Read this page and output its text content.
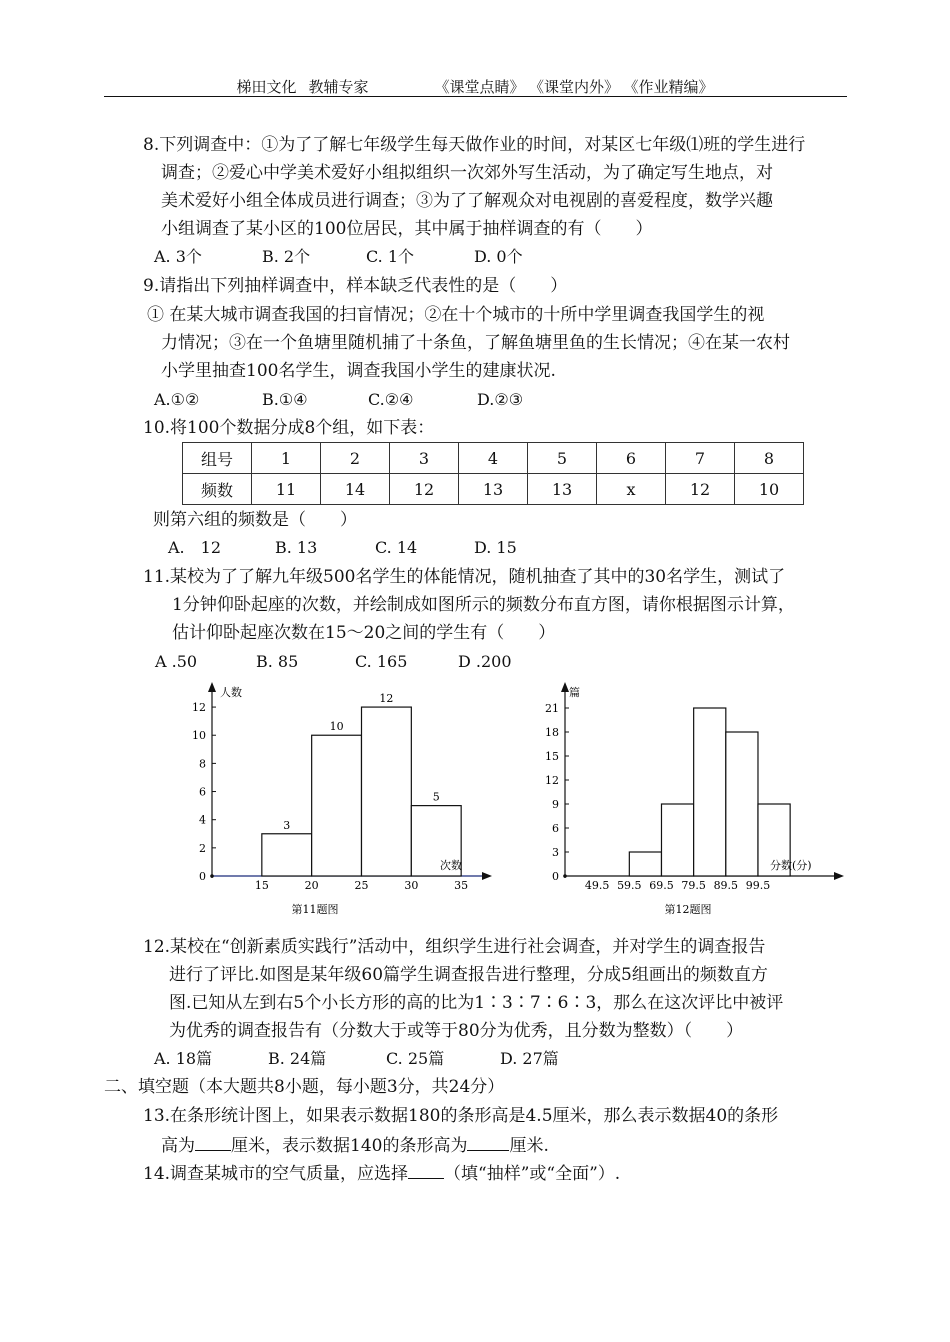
梯田文化 教辅专家	《课堂点睛》 《课堂内外》 《作业精编》
8.下列调查中：①为了了解七年级学生每天做作业的时间，对某区七年级⑴班的学生进行
调查；②爱心中学美术爱好小组拟组织一次郊外写生活动，为了确定写生地点，对
美术爱好小组全体成员进行调查；③为了了解观众对电视剧的喜爱程度，数学兴趣
小组调查了某小区的100位居民，其中属于抽样调查的有（　　）
A. 3个	B. 2个	C. 1个	D. 0个
9.请指出下列抽样调查中，样本缺乏代表性的是（　　）
① 在某大城市调查我国的扫盲情况；②在十个城市的十所中学里调查我国学生的视
力情况；③在一个鱼塘里随机捕了十条鱼，了解鱼塘里鱼的生长情况；④在某一农村
小学里抽查100名学生，调查我国小学生的建康状况.
A.①②	B.①④	C.②④	D.②③
10.将100个数据分成8个组，如下表：
组号	1	2	3	4	5	6	7	8
频数	11	14	12	13	13	x	12	10
则第六组的频数是（　　）
A.　12	B. 13	C. 14	D. 15
11.某校为了了解九年级500名学生的体能情况，随机抽查了其中的30名学生，测试了
1分钟仰卧起座的次数，并绘制成如图所示的频数分布直方图，请你根据图示计算，
估计仰卧起座次数在15～20之间的学生有（　　）
A .50	B. 85	C. 165	D .200
0
2
4
6
8
10
12
15	20	25	30	35
3
10
12
5
人数
次数
第11题图
0
3
6
9
12
15
18
21
49.5 59.5 69.5 79.5 89.5 99.5
篇
分数(分)
第12题图
12.某校在“创新素质实践行”活动中，组织学生进行社会调查，并对学生的调查报告
进行了评比.如图是某年级60篇学生调查报告进行整理，分成5组画出的频数直方
图.已知从左到右5个小长方形的高的比为1∶3∶7∶6∶3，那么在这次评比中被评
为优秀的调查报告有（分数大于或等于80分为优秀，且分数为整数）（　　）
A. 18篇	B. 24篇	C. 25篇	D. 27篇
二、填空题（本大题共8小题，每小题3分，共24分）
13.在条形统计图上，如果表示数据180的条形高是4.5厘米，那么表示数据40的条形
高为 厘米，表示数据140的条形高为 厘米.
14.调查某城市的空气质量，应选择 （填“抽样”或“全面”）.
